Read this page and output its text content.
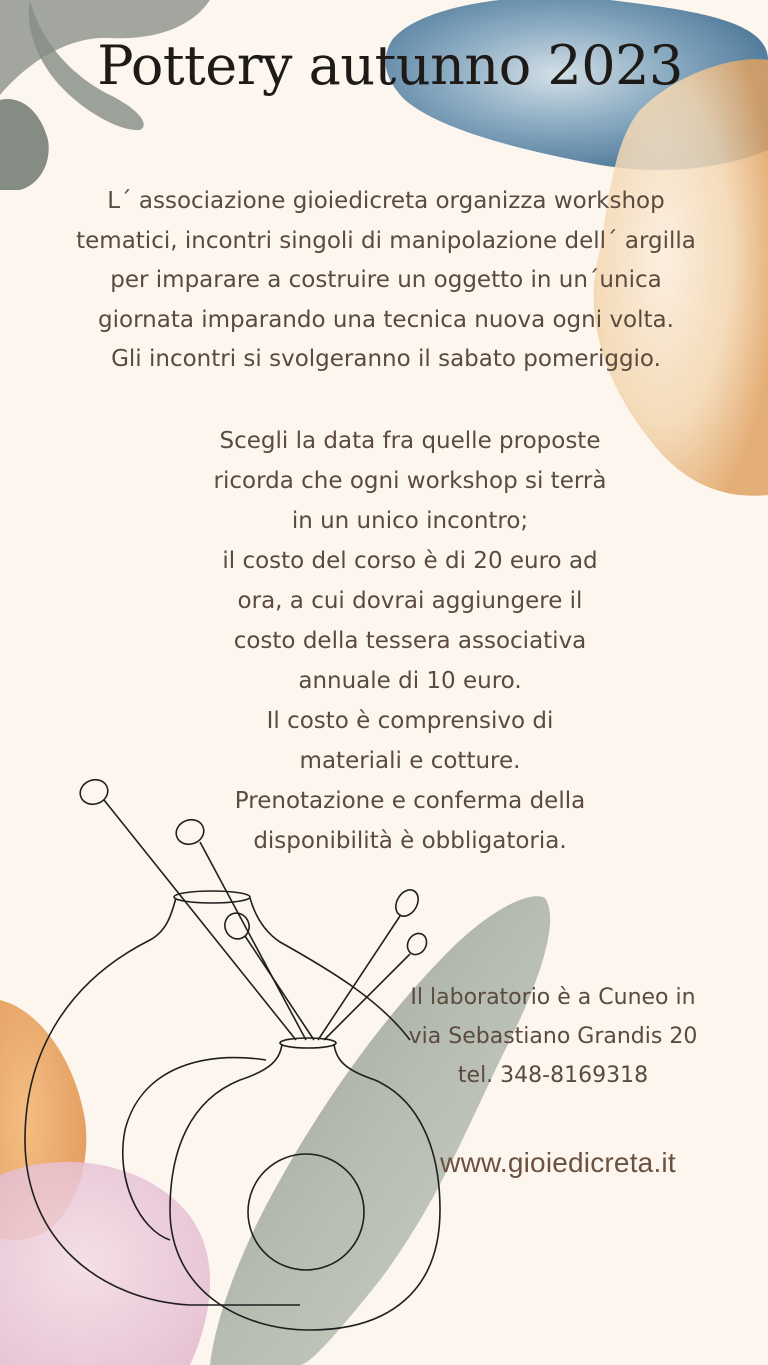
Pottery autunno 2023

L´ associazione gioiedicreta organizza workshop
tematici, incontri singoli di manipolazione dell´ argilla
per imparare a costruire un oggetto in un´unica
giornata imparando una tecnica nuova ogni volta.
Gli incontri si svolgeranno il sabato pomeriggio.

Scegli la data fra quelle proposte
ricorda che ogni workshop si terrà
in un unico incontro;
il costo del corso è di 20 euro ad
ora, a cui dovrai aggiungere il
costo della tessera associativa
annuale di 10 euro.
Il costo è comprensivo di
materiali e cotture.
Prenotazione e conferma della
disponibilità è obbligatoria.

Il laboratorio è a Cuneo in
via Sebastiano Grandis 20
tel. 348-8169318

www.gioiedicreta.it
